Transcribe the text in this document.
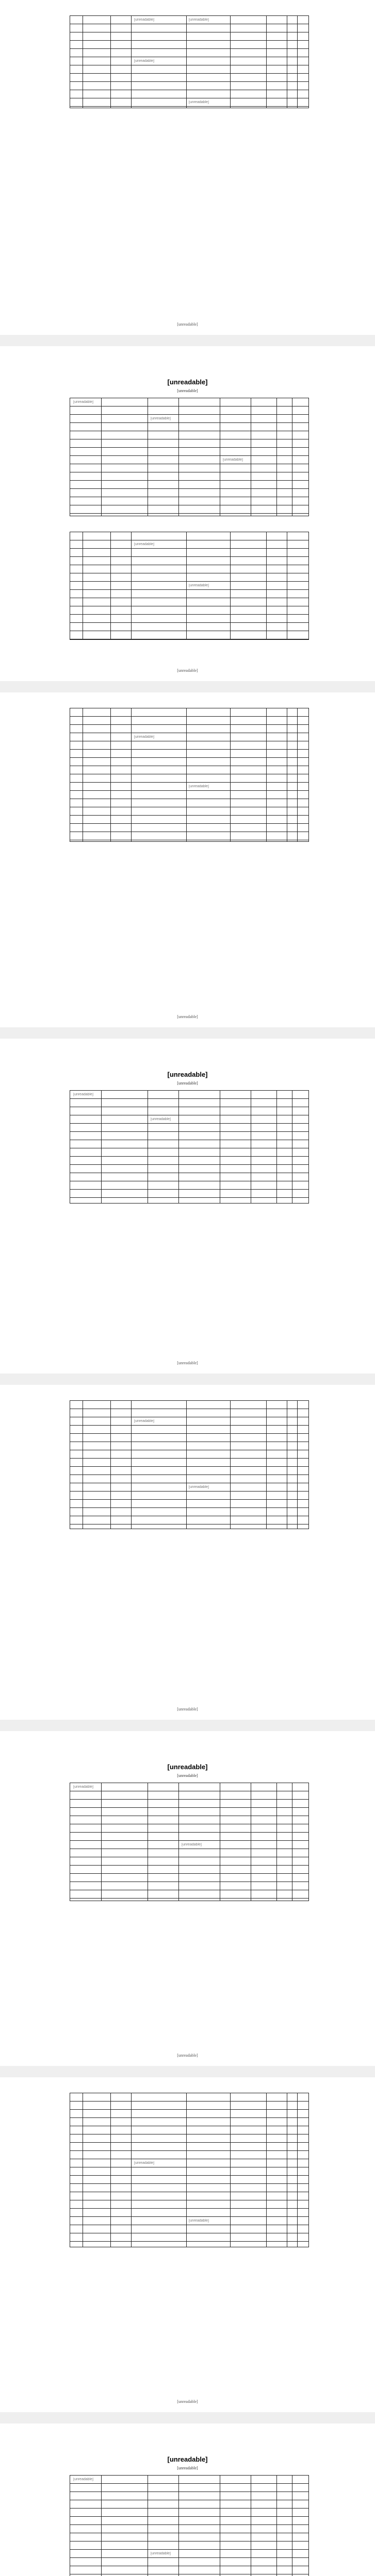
[unreadable]	[unreadable]
[unreadable]
[unreadable]
[unreadable]
[unreadable]
[unreadable]
[unreadable]
[unreadable]
[unreadable]
[unreadable]
[unreadable]
[unreadable]
[unreadable]
[unreadable]
[unreadable]
[unreadable]
[unreadable]
[unreadable]
[unreadable]
[unreadable]
[unreadable]
[unreadable]
[unreadable]
[unreadable]
[unreadable]
[unreadable]
[unreadable]
[unreadable]
[unreadable]
[unreadable]
[unreadable]
[unreadable]
[unreadable]
[unreadable]
[unreadable]
